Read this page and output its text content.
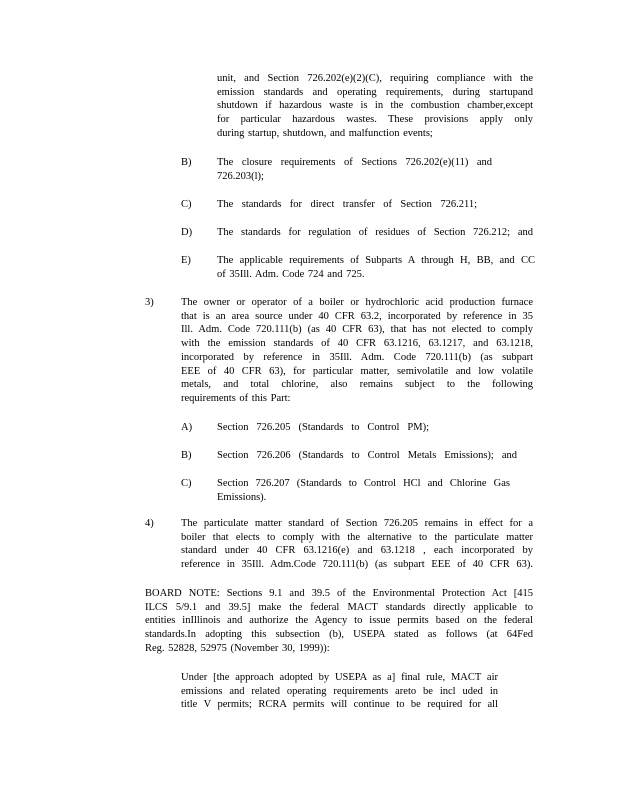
unit, and Section 726.202(e)(2)(C), requiring compliance with the
emission standards and operating requirements, during startupand
shutdown if hazardous waste is in the combustion chamber,except
for particular hazardous wastes. These provisions apply only
during startup, shutdown, and malfunction events;
B) The closure requirements of Sections 726.202(e)(11) and
726.203(l);
C) The standards for direct transfer of Section 726.211;
D) The standards for regulation of residues of Section 726.212; and
E) The applicable requirements of Subparts A through H, BB, and CC
of 35Ill. Adm. Code 724 and 725.
3)	The owner or operator of a boiler or hydrochloric acid production furnace
that is an area source under 40 CFR 63.2, incorporated by reference in 35
Ill. Adm. Code 720.111(b) (as 40 CFR 63), that has not elected to comply
with the emission standards of 40 CFR 63.1216, 63.1217, and 63.1218,
incorporated by reference in 35Ill. Adm. Code 720.111(b) (as subpart
EEE of 40 CFR 63), for particular matter, semivolatile and low volatile
metals, and total chlorine, also remains subject to the following
requirements of this Part:
A) Section 726.205 (Standards to Control PM);
B) Section 726.206 (Standards to Control Metals Emissions); and
C) Section 726.207 (Standards to Control HCl and Chlorine Gas
Emissions).
4)	The particulate matter standard of Section 726.205 remains in effect for a
boiler that elects to comply with the alternative to the particulate matter
standard under 40 CFR 63.1216(e) and 63.1218 , each incorporated by
reference in 35Ill. Adm.Code 720.111(b) (as subpart EEE of 40 CFR 63).
BOARD NOTE: Sections 9.1 and 39.5 of the Environmental Protection Act [415
ILCS 5/9.1 and 39.5] make the federal MACT standards directly applicable to
entities inIllinois and authorize the Agency to issue permits based on the federal
standards.In adopting this subsection (b), USEPA stated as follows (at 64Fed
Reg. 52828, 52975 (November 30, 1999)):
Under [the approach adopted by USEPA as a] final rule, MACT air
emissions and related operating requirements areto be incl uded in
title V permits; RCRA permits will continue to be required for all
